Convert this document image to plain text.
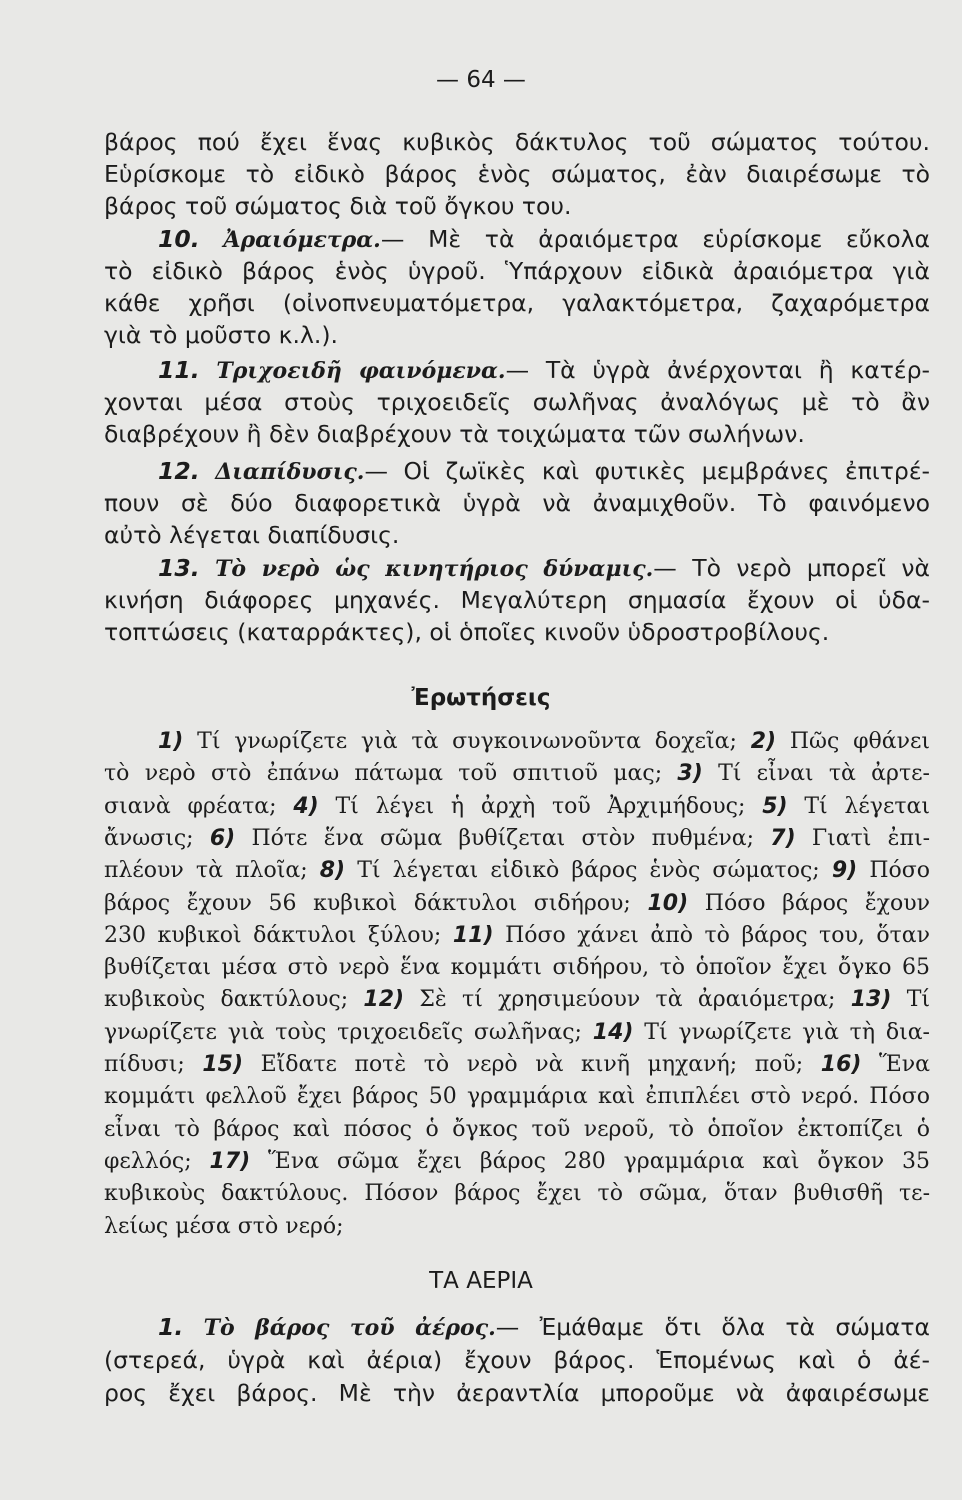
— 64 —
βάρος πού ἔχει ἕνας κυβικὸς δάκτυλος τοῦ σώματος τούτου.
Εὑρίσκομε τὸ εἰδικὸ βάρος ἑνὸς σώματος, ἐὰν διαιρέσωμε τὸ
βάρος τοῦ σώματος διὰ τοῦ ὄγκου του.
10. Ἀραιόμετρα.— Μὲ τὰ ἀραιόμετρα εὑρίσκομε εὔκολα
τὸ εἰδικὸ βάρος ἑνὸς ὑγροῦ. Ὑπάρχουν εἰδικὰ ἀραιόμετρα γιὰ
κάθε χρῆσι (οἰνοπνευματόμετρα, γαλακτόμετρα, ζαχαρόμετρα
γιὰ τὸ μοῦστο κ.λ.).
11. Τριχοειδῆ φαινόμενα.— Τὰ ὑγρὰ ἀνέρχονται ἢ κατέρ-
χονται μέσα στοὺς τριχοειδεῖς σωλῆνας ἀναλόγως μὲ τὸ ἂν
διαβρέχουν ἢ δὲν διαβρέχουν τὰ τοιχώματα τῶν σωλήνων.
12. Διαπίδυσις.— Οἱ ζωϊκὲς καὶ φυτικὲς μεμβράνες ἐπιτρέ-
πουν σὲ δύο διαφορετικὰ ὑγρὰ νὰ ἀναμιχθοῦν. Τὸ φαινόμενο
αὐτὸ λέγεται διαπίδυσις.
13. Τὸ νερὸ ὡς κινητήριος δύναμις.— Τὸ νερὸ μπορεῖ νὰ
κινήση διάφορες μηχανές. Μεγαλύτερη σημασία ἔχουν οἱ ὑδα-
τοπτώσεις (καταρράκτες), οἱ ὁποῖες κινοῦν ὑδροστροβίλους.
Ἐρωτήσεις
1) Τί γνωρίζετε γιὰ τὰ συγκοινωνοῦντα δοχεῖα; 2) Πῶς φθάνει
τὸ νερὸ στὸ ἐπάνω πάτωμα τοῦ σπιτιοῦ μας; 3) Τί εἶναι τὰ ἀρτε-
σιανὰ φρέατα; 4) Τί λέγει ἡ ἀρχὴ τοῦ Ἀρχιμήδους; 5) Τί λέγεται
ἄνωσις; 6) Πότε ἕνα σῶμα βυθίζεται στὸν πυθμένα; 7) Γιατὶ ἐπι-
πλέουν τὰ πλοῖα; 8) Τί λέγεται εἰδικὸ βάρος ἑνὸς σώματος; 9) Πόσο
βάρος ἔχουν 56 κυβικοὶ δάκτυλοι σιδήρου; 10) Πόσο βάρος ἔχουν
230 κυβικοὶ δάκτυλοι ξύλου; 11) Πόσο χάνει ἀπὸ τὸ βάρος του, ὅταν
βυθίζεται μέσα στὸ νερὸ ἕνα κομμάτι σιδήρου, τὸ ὁποῖον ἔχει ὄγκο 65
κυβικοὺς δακτύλους; 12) Σὲ τί χρησιμεύουν τὰ ἀραιόμετρα; 13) Τί
γνωρίζετε γιὰ τοὺς τριχοειδεῖς σωλῆνας; 14) Τί γνωρίζετε γιὰ τὴ δια-
πίδυσι; 15) Εἴδατε ποτὲ τὸ νερὸ νὰ κινῆ μηχανή; ποῦ; 16) Ἕνα
κομμάτι φελλοῦ ἔχει βάρος 50 γραμμάρια καὶ ἐπιπλέει στὸ νερό. Πόσο
εἶναι τὸ βάρος καὶ πόσος ὁ ὄγκος τοῦ νεροῦ, τὸ ὁποῖον ἐκτοπίζει ὁ
φελλός; 17) Ἕνα σῶμα ἔχει βάρος 280 γραμμάρια καὶ ὄγκον 35
κυβικοὺς δακτύλους. Πόσον βάρος ἔχει τὸ σῶμα, ὅταν βυθισθῆ τε-
λείως μέσα στὸ νερό;
ΤΑ ΑΕΡΙΑ
1. Τὸ βάρος τοῦ ἀέρος.— Ἐμάθαμε ὅτι ὅλα τὰ σώματα
(στερεά, ὑγρὰ καὶ ἀέρια) ἔχουν βάρος. Ἑπομένως καὶ ὁ ἀέ-
ρος ἔχει βάρος. Μὲ τὴν ἀεραντλία μποροῦμε νὰ ἀφαιρέσωμε
